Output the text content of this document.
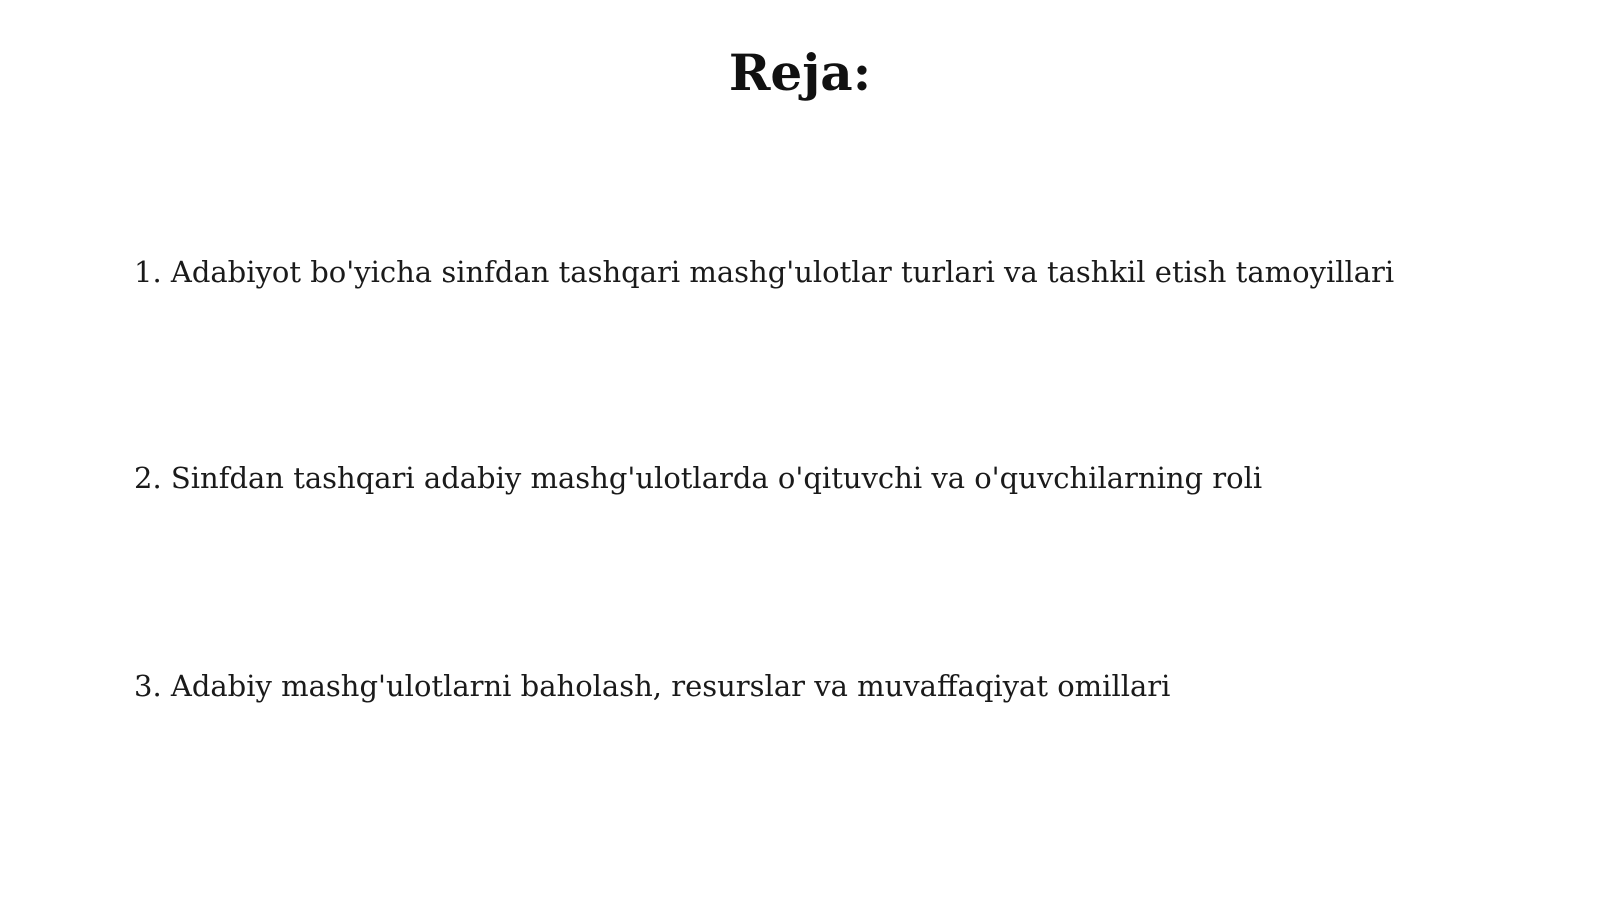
Reja:
1. Adabiyot bo'yicha sinfdan tashqari mashg'ulotlar turlari va tashkil etish tamoyillari
2. Sinfdan tashqari adabiy mashg'ulotlarda o'qituvchi va o'quvchilarning roli
3. Adabiy mashg'ulotlarni baholash, resurslar va muvaffaqiyat omillari
